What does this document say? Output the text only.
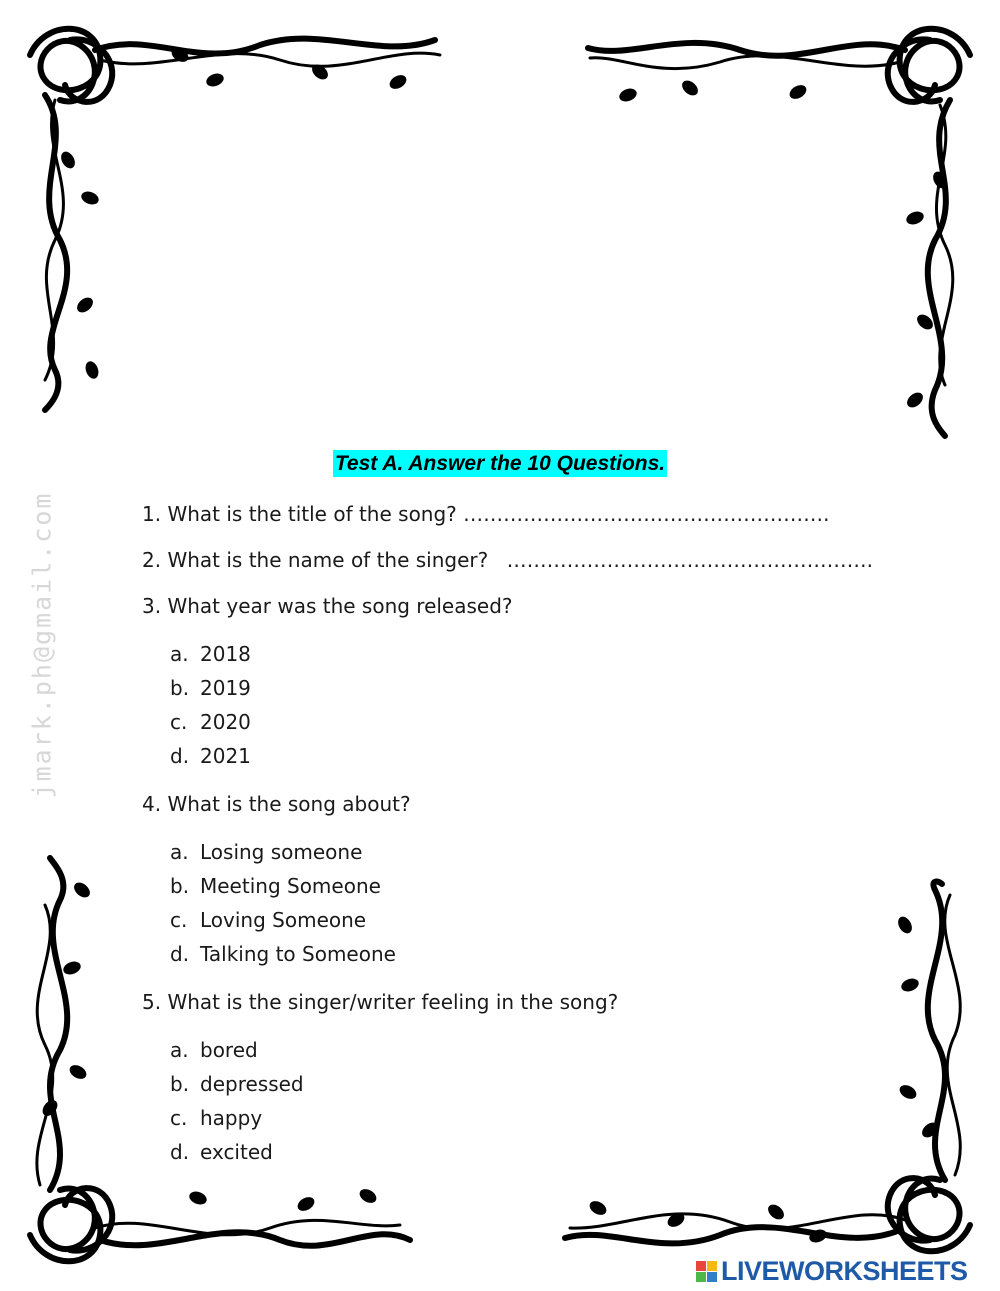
jmark.ph@gmail.com
Test A. Answer the 10 Questions.
1. What is the title of the song? ……………………………………………….
2. What is the name of the singer? ……………………………………………….
3. What year was the song released?
a. 2018
b. 2019
c. 2020
d. 2021
4. What is the song about?
a. Losing someone
b. Meeting Someone
c. Loving Someone
d. Talking to Someone
5. What is the singer/writer feeling in the song?
a. bored
b. depressed
c. happy
d. excited
LIVEWORKSHEETS
